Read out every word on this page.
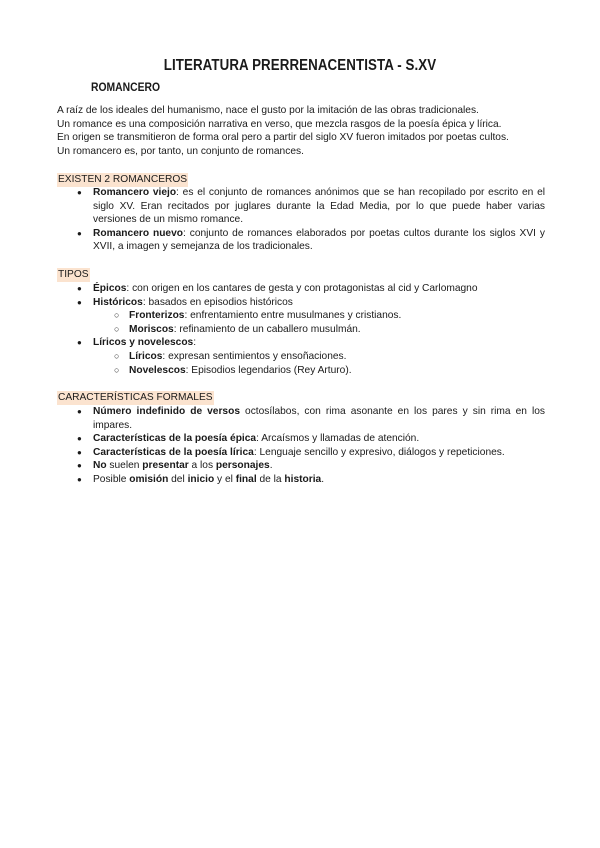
LITERATURA PRERRENACENTISTA - S.XV
ROMANCERO
A raíz de los ideales del humanismo, nace el gusto por la imitación de las obras tradicionales.
Un romance es una composición narrativa en verso, que mezcla rasgos de la poesía épica y lírica.
En origen se transmitieron de forma oral pero a partir del siglo XV fueron imitados por poetas cultos.
Un romancero es, por tanto, un conjunto de romances.
EXISTEN 2 ROMANCEROS
● Romancero viejo: es el conjunto de romances anónimos que se han recopilado por escrito en el siglo XV. Eran recitados por juglares durante la Edad Media, por lo que puede haber varias versiones de un mismo romance.
● Romancero nuevo: conjunto de romances elaborados por poetas cultos durante los siglos XVI y XVII, a imagen y semejanza de los tradicionales.
TIPOS
● Épicos: con origen en los cantares de gesta y con protagonistas al cid y Carlomagno
● Históricos: basados en episodios históricos
○ Fronterizos: enfrentamiento entre musulmanes y cristianos.
○ Moriscos: refinamiento de un caballero musulmán.
● Líricos y novelescos:
○ Líricos: expresan sentimientos y ensoñaciones.
○ Novelescos: Episodios legendarios (Rey Arturo).
CARACTERÍSTICAS FORMALES
● Número indefinido de versos octosílabos, con rima asonante en los pares y sin rima en los impares.
● Características de la poesía épica: Arcaísmos y llamadas de atención.
● Características de la poesía lírica: Lenguaje sencillo y expresivo, diálogos y repeticiones.
● No suelen presentar a los personajes.
● Posible omisión del inicio y el final de la historia.
